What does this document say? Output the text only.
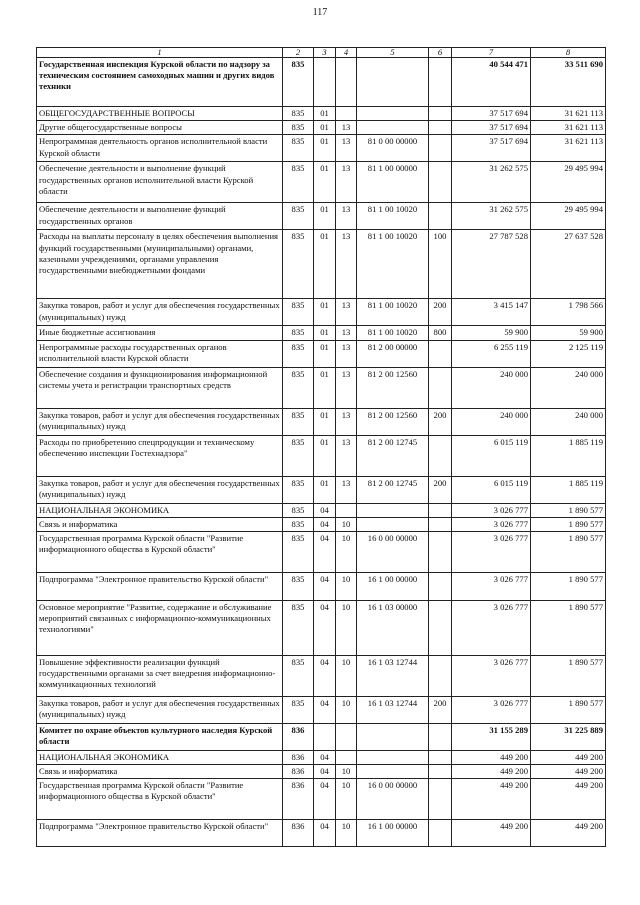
117
1	2	3	4	5	6	7	8
Государственная инспекция Курской области по надзору за техническим состоянием самоходных машин и других видов техники	835					40 544 471	33 511 690
ОБЩЕГОСУДАРСТВЕННЫЕ ВОПРОСЫ	835	01				37 517 694	31 621 113
Другие общегосударственные вопросы	835	01	13			37 517 694	31 621 113
Непрограммная деятельность органов исполнительной власти Курской области	835	01	13	81 0 00 00000		37 517 694	31 621 113
Обеспечение деятельности и выполнение функций государственных органов исполнительной власти Курской области	835	01	13	81 1 00 00000		31 262 575	29 495 994
Обеспечение деятельности и выполнение функций государственных органов	835	01	13	81 1 00 10020		31 262 575	29 495 994
Расходы на выплаты персоналу в целях обеспечения выполнения функций государственными (муниципальными) органами, казенными учреждениями, органами управления государственными внебюджетными фондами	835	01	13	81 1 00 10020	100	27 787 528	27 637 528
Закупка товаров, работ и услуг для обеспечения государственных (муниципальных) нужд	835	01	13	81 1 00 10020	200	3 415 147	1 798 566
Иные бюджетные ассигнования	835	01	13	81 1 00 10020	800	59 900	59 900
Непрограммные расходы государственных органов исполнительной власти Курской области	835	01	13	81 2 00 00000		6 255 119	2 125 119
Обеспечение создания и функционирования информационной системы учета и регистрации транспортных средств	835	01	13	81 2 00 12560		240 000	240 000
Закупка товаров, работ и услуг для обеспечения государственных (муниципальных) нужд	835	01	13	81 2 00 12560	200	240 000	240 000
Расходы по приобретению спецпродукции и техническому обеспечению инспекции Гостехнадзора"	835	01	13	81 2 00 12745		6 015 119	1 885 119
Закупка товаров, работ и услуг для обеспечения государственных (муниципальных) нужд	835	01	13	81 2 00 12745	200	6 015 119	1 885 119
НАЦИОНАЛЬНАЯ ЭКОНОМИКА	835	04				3 026 777	1 890 577
Связь и информатика	835	04	10			3 026 777	1 890 577
Государственная программа Курской области "Развитие информационного общества в Курской области"	835	04	10	16 0 00 00000		3 026 777	1 890 577
Подпрограмма "Электронное правительство Курской области"	835	04	10	16 1 00 00000		3 026 777	1 890 577
Основное мероприятие "Развитие, содержание и обслуживание мероприятий связанных с информационно-коммуникационных технологиями"	835	04	10	16 1 03 00000		3 026 777	1 890 577
Повышение эффективности реализации функций государственными органами за счет внедрения информационно-коммуникационных технологий	835	04	10	16 1 03 12744		3 026 777	1 890 577
Закупка товаров, работ и услуг для обеспечения государственных (муниципальных) нужд	835	04	10	16 1 03 12744	200	3 026 777	1 890 577
Комитет по охране объектов культурного наследия Курской области	836					31 155 289	31 225 889
НАЦИОНАЛЬНАЯ ЭКОНОМИКА	836	04				449 200	449 200
Связь и информатика	836	04	10			449 200	449 200
Государственная программа Курской области "Развитие информационного общества в Курской области"	836	04	10	16 0 00 00000		449 200	449 200
Подпрограмма "Электронное правительство Курской области"	836	04	10	16 1 00 00000		449 200	449 200
